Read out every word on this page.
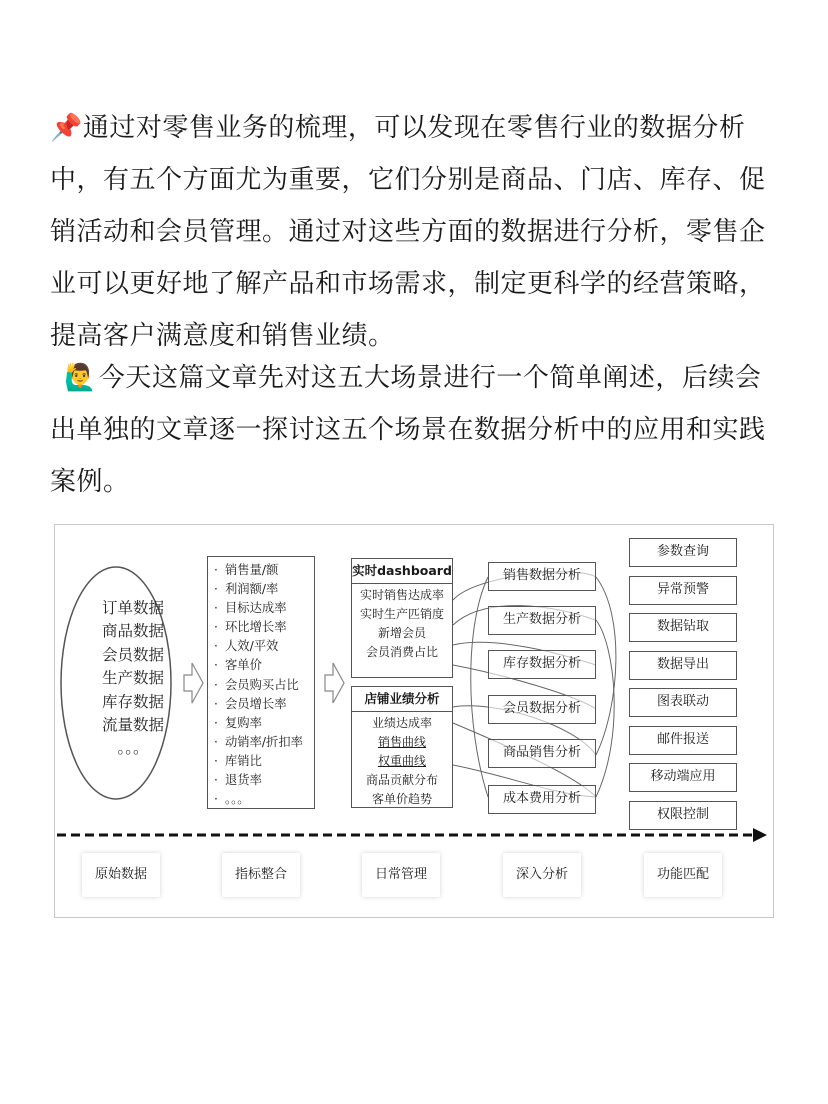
📌通过对零售业务的梳理，可以发现在零售行业的数据分析中，有五个方面尤为重要，它们分别是商品、门店、库存、促销活动和会员管理。通过对这些方面的数据进行分析，零售企业可以更好地了解产品和市场需求，制定更科学的经营策略，提高客户满意度和销售业绩。

🙋‍♂️今天这篇文章先对这五大场景进行一个简单阐述，后续会出单独的文章逐一探讨这五个场景在数据分析中的应用和实践案例。

订单数据
商品数据
会员数据
生产数据
库存数据
流量数据
。。。
· 销售量/额
· 利润额/率
· 目标达成率
· 环比增长率
· 人效/平效
· 客单价
· 会员购买占比
· 会员增长率
· 复购率
· 动销率/折扣率
· 库销比
· 退货率
· 。。。
实时dashboard
实时销售达成率
实时生产匹销度
新增会员
会员消费占比
店铺业绩分析
业绩达成率
销售曲线
权重曲线
商品贡献分布
客单价趋势
销售数据分析
生产数据分析
库存数据分析
会员数据分析
商品销售分析
成本费用分析
参数查询
异常预警
数据钻取
数据导出
图表联动
邮件报送
移动端应用
权限控制
原始数据	指标整合	日常管理	深入分析	功能匹配
